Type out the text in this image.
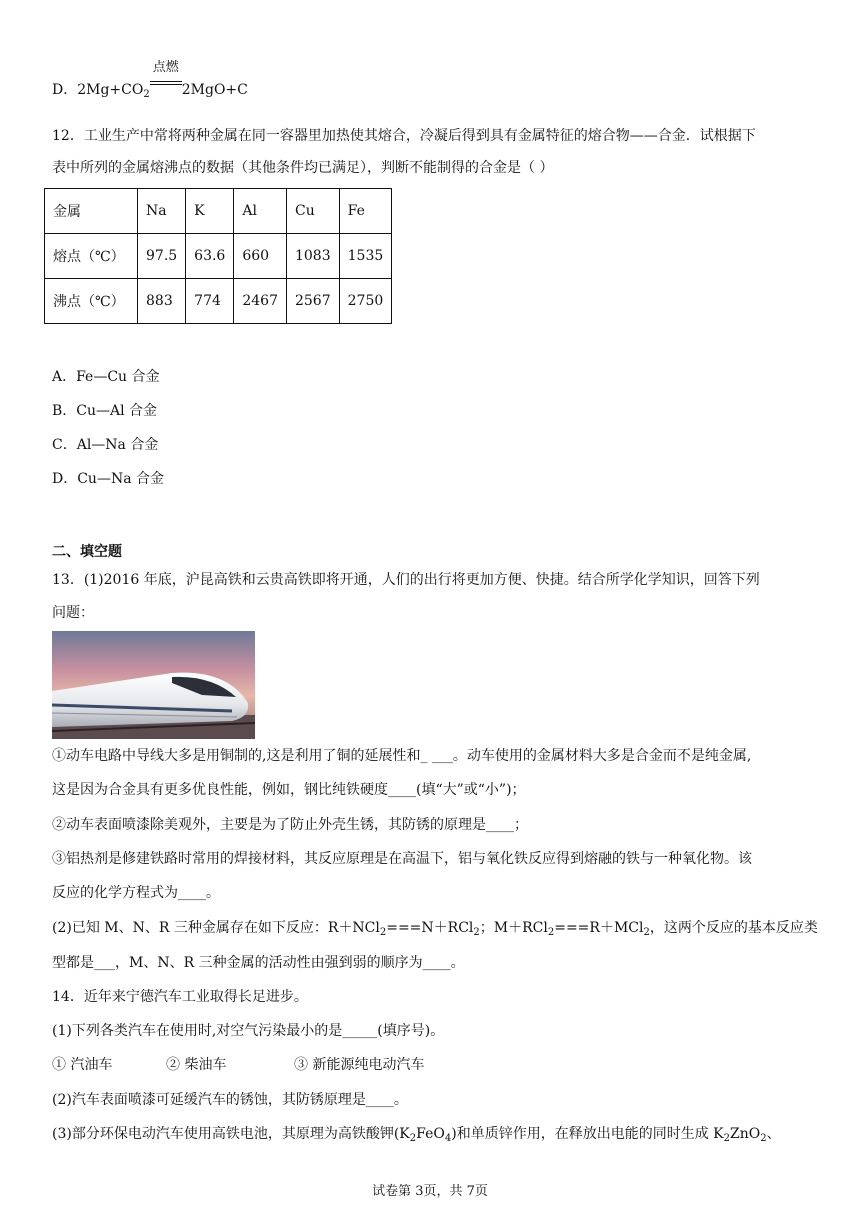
D．$2Mg+CO_2$
点燃
2MgO+C
12．工业生产中常将两种金属在同一容器里加热使其熔合，冷凝后得到具有金属特征的熔合物——合金．试根据下
表中所列的金属熔沸点的数据（其他条件均已满足），判断不能制得的合金是（ ）
金属	Na	K	Al	Cu	Fe
熔点（℃）	97.5	63.6	660	1083	1535
沸点（℃）	883	774	2467	2567	2750
A．Fe—Cu 合金
B．Cu—Al 合金
C．Al—Na 合金
D．Cu—Na 合金
二、填空题
13．(1)2016 年底，沪昆高铁和云贵高铁即将开通，人们的出行将更加方便、快捷。结合所学化学知识，回答下列
问题：
①动车电路中导线大多是用铜制的,这是利用了铜的延展性和_ ___。动车使用的金属材料大多是合金而不是纯金属,
这是因为合金具有更多优良性能，例如，钢比纯铁硬度____(填“大”或“小”)；
②动车表面喷漆除美观外，主要是为了防止外壳生锈，其防锈的原理是____；
③铝热剂是修建铁路时常用的焊接材料，其反应原理是在高温下，铝与氧化铁反应得到熔融的铁与一种氧化物。该
反应的化学方程式为____。
(2)已知 M、N、R 三种金属存在如下反应：R＋NCl$_2$===N＋RCl$_2$；M＋RCl$_2$===R＋MCl$_2$，这两个反应的基本反应类
型都是___，M、N、R 三种金属的活动性由强到弱的顺序为____。
14．近年来宁德汽车工业取得长足进步。
(1)下列各类汽车在使用时,对空气污染最小的是_____(填序号)。
① 汽油车	② 柴油车	③ 新能源纯电动汽车
(2)汽车表面喷漆可延缓汽车的锈蚀，其防锈原理是____。
(3)部分环保电动汽车使用高铁电池，其原理为高铁酸钾$(K_2FeO_4)$和单质锌作用，在释放出电能的同时生成 $K_2ZnO_2$、
试卷第 3页，共 7页
